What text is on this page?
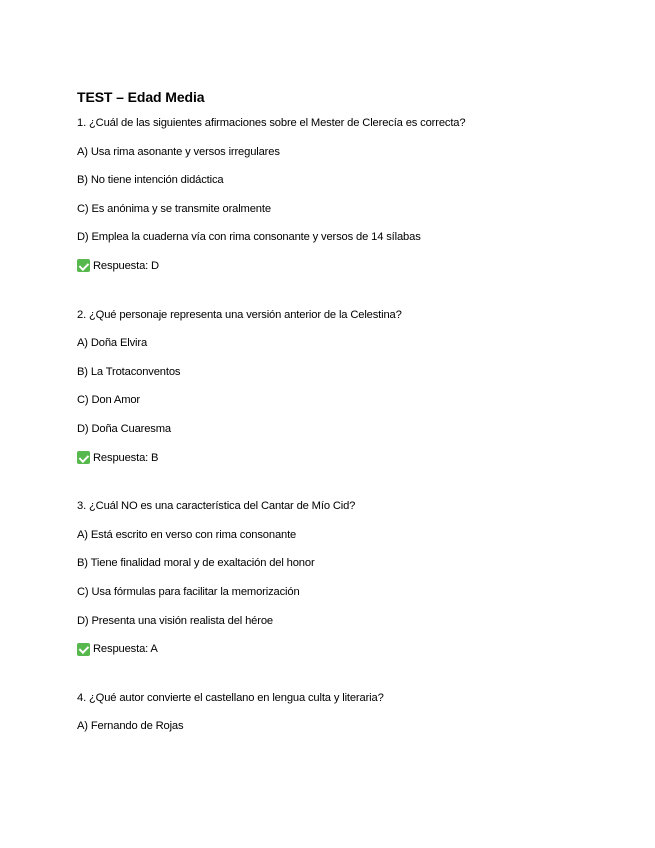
TEST – Edad Media
1. ¿Cuál de las siguientes afirmaciones sobre el Mester de Clerecía es correcta?
A) Usa rima asonante y versos irregulares
B) No tiene intención didáctica
C) Es anónima y se transmite oralmente
D) Emplea la cuaderna vía con rima consonante y versos de 14 sílabas
Respuesta: D
2. ¿Qué personaje representa una versión anterior de la Celestina?
A) Doña Elvira
B) La Trotaconventos
C) Don Amor
D) Doña Cuaresma
Respuesta: B
3. ¿Cuál NO es una característica del Cantar de Mío Cid?
A) Está escrito en verso con rima consonante
B) Tiene finalidad moral y de exaltación del honor
C) Usa fórmulas para facilitar la memorización
D) Presenta una visión realista del héroe
Respuesta: A
4. ¿Qué autor convierte el castellano en lengua culta y literaria?
A) Fernando de Rojas
